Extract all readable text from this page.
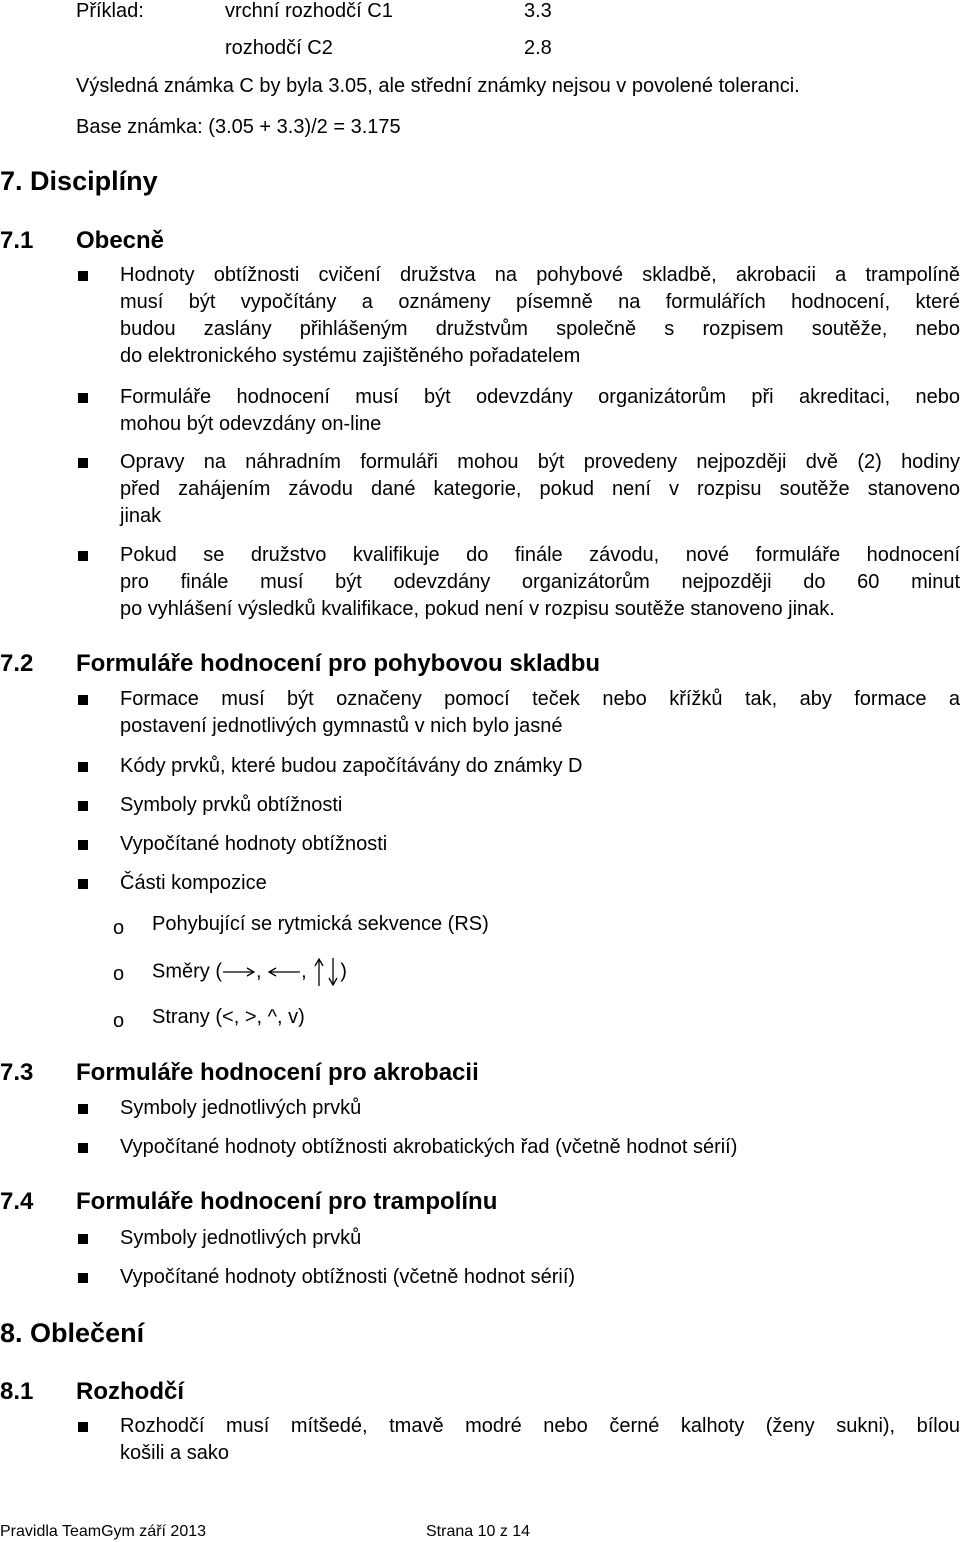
Příklad:	vrchní rozhodčí C1	3.3
rozhodčí C2	2.8
Výsledná známka C by byla 3.05, ale střední známky nejsou v povolené toleranci.
Base známka: (3.05 + 3.3)/2 = 3.175
7. Disciplíny
7.1 Obecně
Hodnoty obtížnosti cvičení družstva na pohybové skladbě, akrobacii a trampolíně
musí být vypočítány a oznámeny písemně na formulářích hodnocení, které
budou zaslány přihlášeným družstvům společně s rozpisem soutěže, nebo
do elektronického systému zajištěného pořadatelem
Formuláře hodnocení musí být odevzdány organizátorům při akreditaci, nebo
mohou být odevzdány on-line
Opravy na náhradním formuláři mohou být provedeny nejpozději dvě (2) hodiny
před zahájením závodu dané kategorie, pokud není v rozpisu soutěže stanoveno
jinak
Pokud se družstvo kvalifikuje do finále závodu, nové formuláře hodnocení
pro finále musí být odevzdány organizátorům nejpozději do 60 minut
po vyhlášení výsledků kvalifikace, pokud není v rozpisu soutěže stanoveno jinak.
7.2 Formuláře hodnocení pro pohybovou skladbu
Formace musí být označeny pomocí teček nebo křížků tak, aby formace a
postavení jednotlivých gymnastů v nich bylo jasné
Kódy prvků, které budou započítávány do známky D
Symboly prvků obtížnosti
Vypočítané hodnoty obtížnosti
Části kompozice
o Pohybující se rytmická sekvence (RS)
o Směry ( , , )
o Strany (<, >, ^, v)
7.3 Formuláře hodnocení pro akrobacii
Symboly jednotlivých prvků
Vypočítané hodnoty obtížnosti akrobatických řad (včetně hodnot sérií)
7.4 Formuláře hodnocení pro trampolínu
Symboly jednotlivých prvků
Vypočítané hodnoty obtížnosti (včetně hodnot sérií)
8. Oblečení
8.1 Rozhodčí
Rozhodčí musí mítšedé, tmavě modré nebo černé kalhoty (ženy sukni), bílou
košili a sako
Pravidla TeamGym září 2013	Strana 10 z 14
